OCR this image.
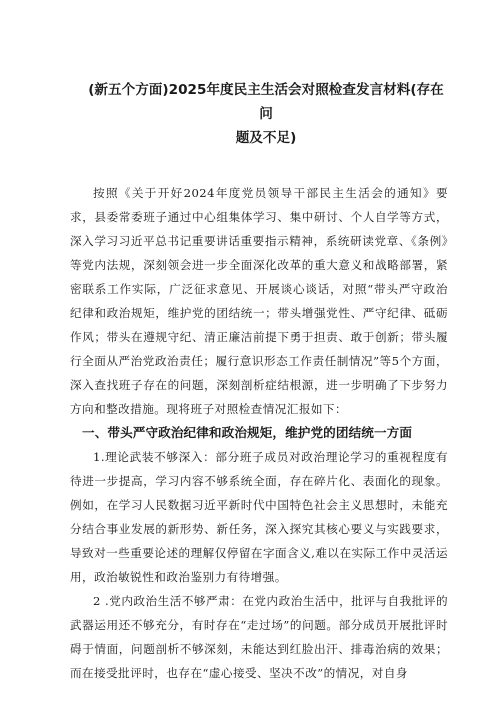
(新五个方面)2025年度民主生活会对照检查发言材料(存在问
题及不足)

按照《关于开好2024年度党员领导干部民主生活会的通知》要求，县委常委班子通过中心组集体学习、集中研讨、个人自学等方式，深入学习习近平总书记重要讲话重要指示精神，系统研读党章、《条例》等党内法规，深刻领会进一步全面深化改革的重大意义和战略部署，紧密联系工作实际，广泛征求意见、开展谈心谈话，对照“带头严守政治纪律和政治规矩，维护党的团结统一；带头增强党性、严守纪律、砥砺作风；带头在遵规守纪、清正廉洁前提下勇于担责、敢于创新；带头履行全面从严治党政治责任；履行意识形态工作责任制情况”等5个方面，深入查找班子存在的问题，深刻剖析症结根源，进一步明确了下步努力方向和整改措施。现将班子对照检查情况汇报如下：

一、带头严守政治纪律和政治规矩，维护党的团结统一方面

1.理论武装不够深入：部分班子成员对政治理论学习的重视程度有待进一步提高，学习内容不够系统全面，存在碎片化、表面化的现象。例如，在学习人民数据习近平新时代中国特色社会主义思想时，未能充分结合事业发展的新形势、新任务，深入探究其核心要义与实践要求，导致对一些重要论述的理解仅停留在字面含义,难以在实际工作中灵活运用，政治敏锐性和政治鉴别力有待增强。

2 .党内政治生活不够严肃：在党内政治生活中，批评与自我批评的武器运用还不够充分，有时存在“走过场”的问题。部分成员开展批评时碍于情面，问题剖析不够深刻，未能达到红脸出汗、排毒治病的效果；而在接受批评时，也存在“虚心接受、坚决不改”的情况，对自身
